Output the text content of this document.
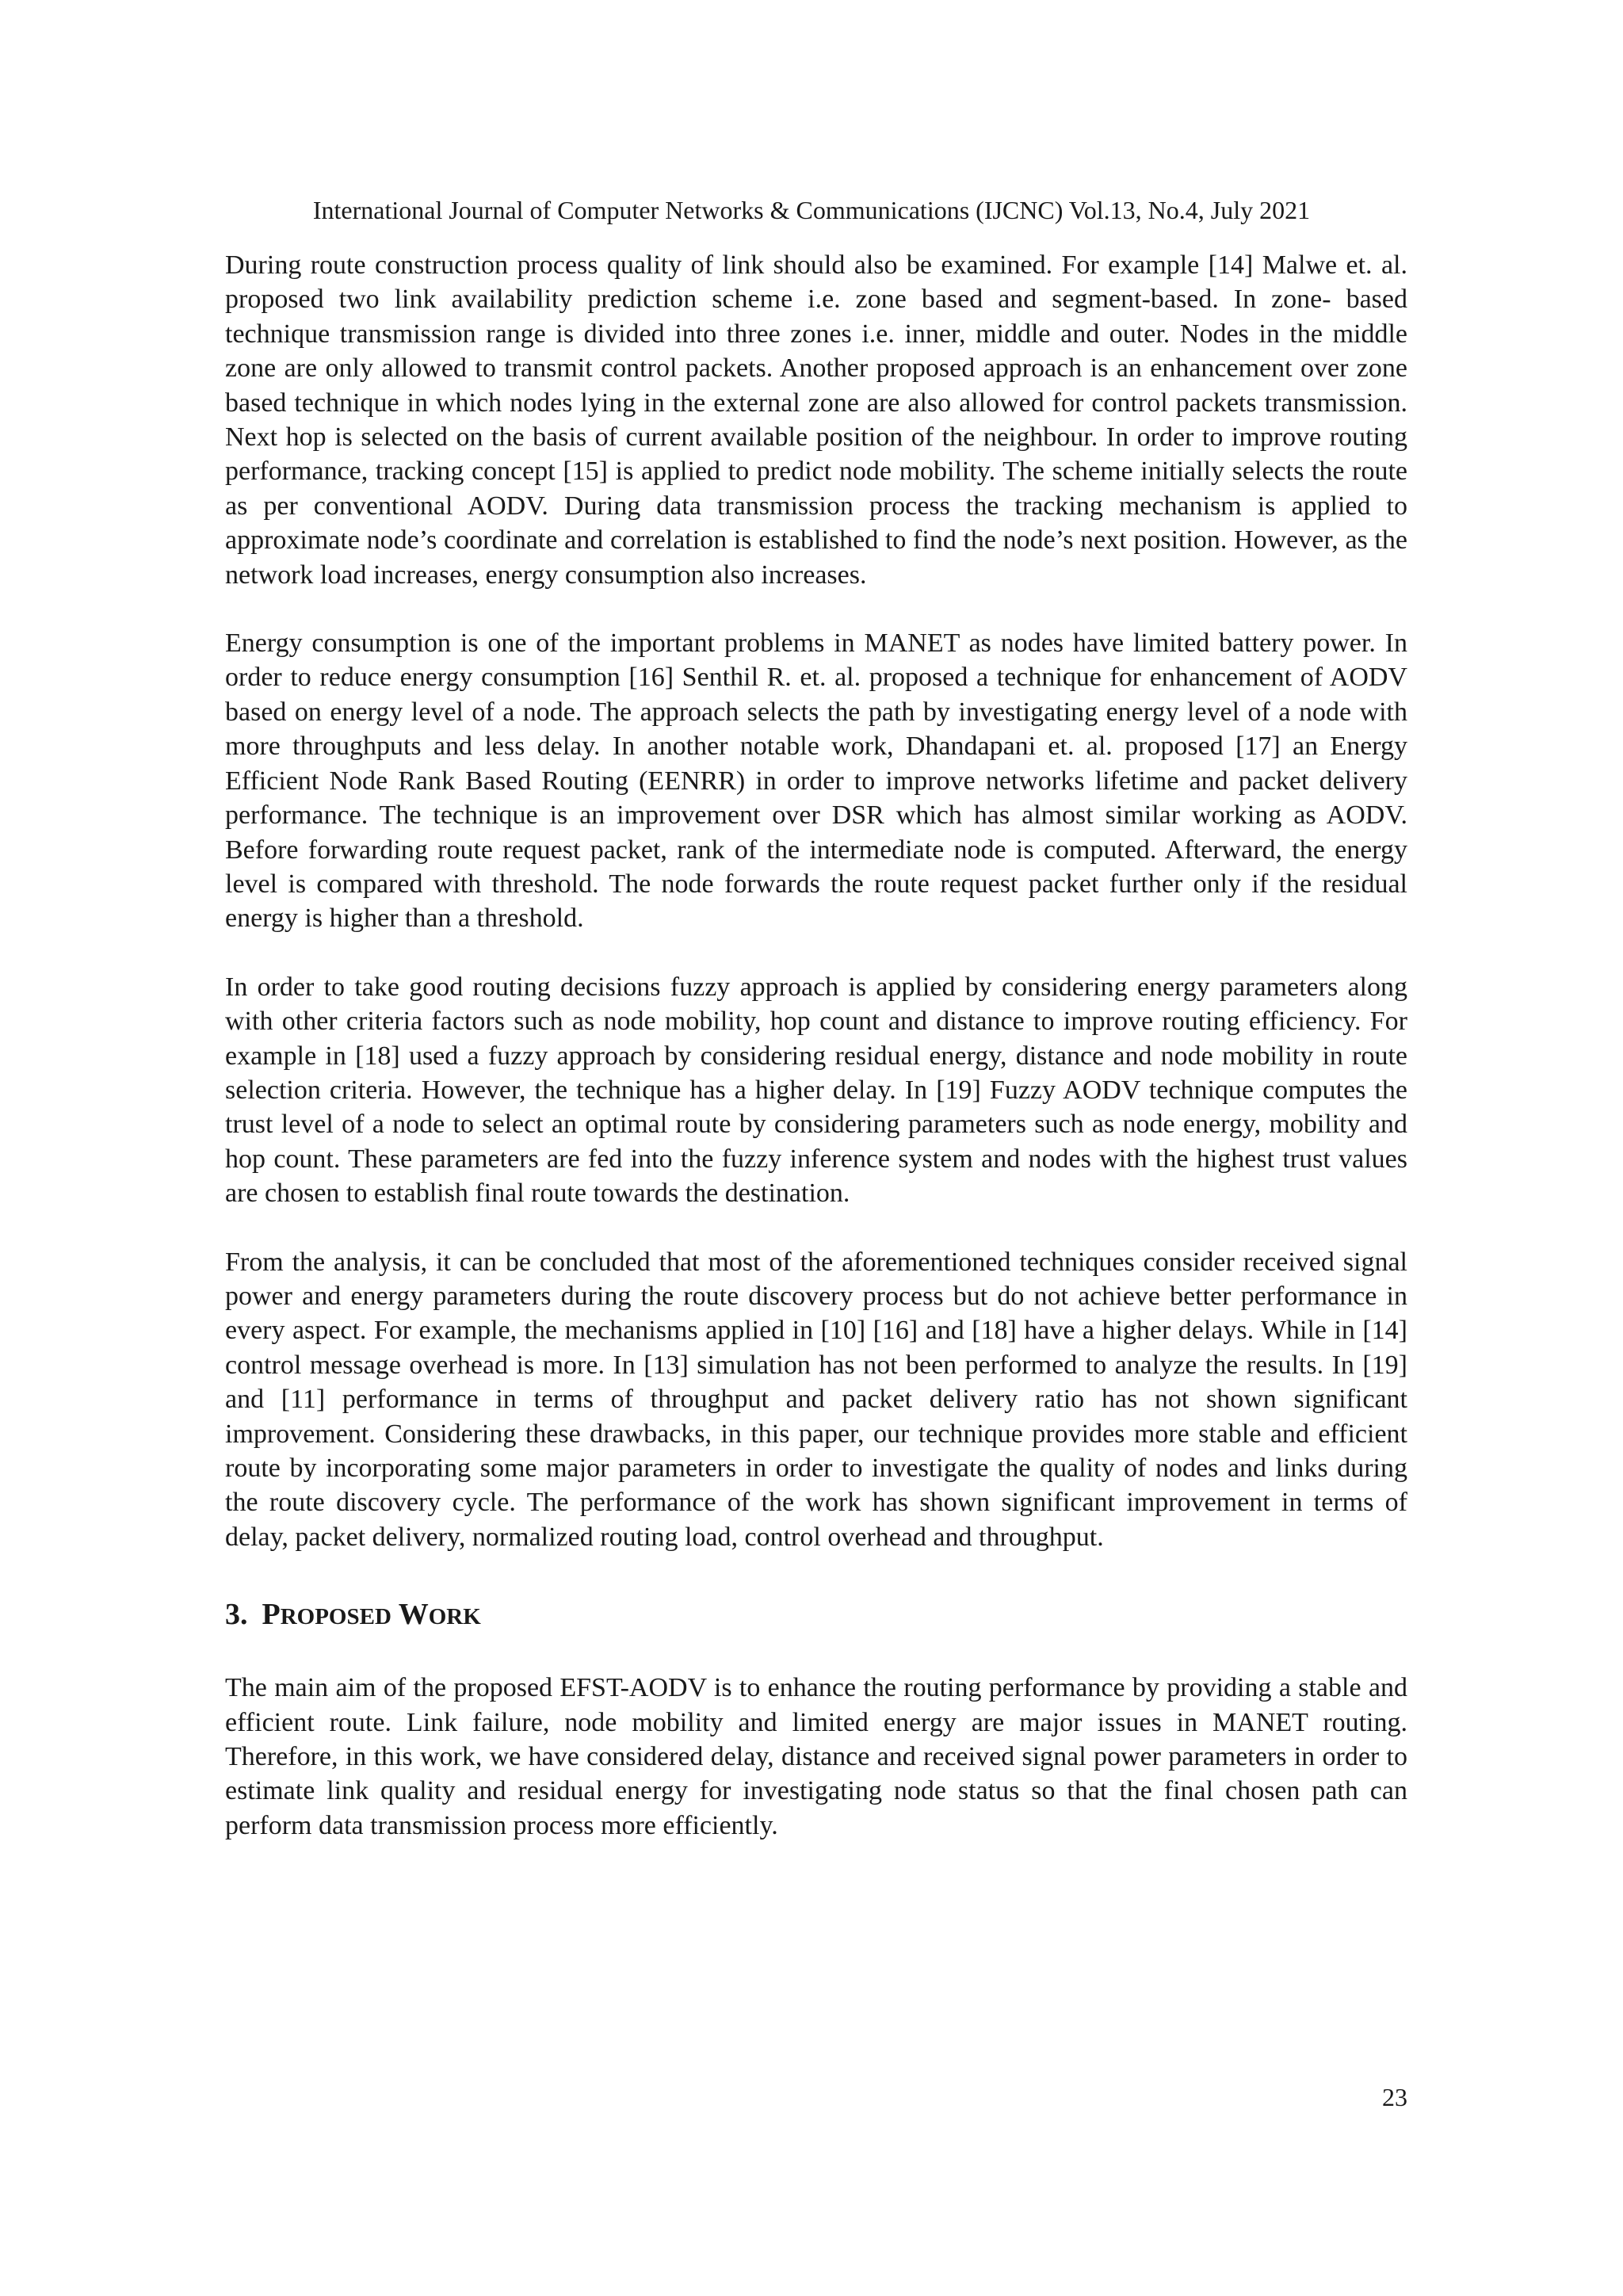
International Journal of Computer Networks & Communications (IJCNC) Vol.13, No.4, July 2021

During route construction process quality of link should also be examined. For example [14] Malwe et. al. proposed two link availability prediction scheme i.e. zone based and segment-based. In zone- based technique transmission range is divided into three zones i.e. inner, middle and outer. Nodes in the middle zone are only allowed to transmit control packets. Another proposed approach is an enhancement over zone based technique in which nodes lying in the external zone are also allowed for control packets transmission. Next hop is selected on the basis of current available position of the neighbour. In order to improve routing performance, tracking concept [15] is applied to predict node mobility. The scheme initially selects the route as per conventional AODV. During data transmission process the tracking mechanism is applied to approximate node’s coordinate and correlation is established to find the node’s next position. However, as the network load increases, energy consumption also increases.

Energy consumption is one of the important problems in MANET as nodes have limited battery power. In order to reduce energy consumption [16] Senthil R. et. al. proposed a technique for enhancement of AODV based on energy level of a node. The approach selects the path by investigating energy level of a node with more throughputs and less delay. In another notable work, Dhandapani et. al. proposed [17] an Energy Efficient Node Rank Based Routing (EENRR) in order to improve networks lifetime and packet delivery performance. The technique is an improvement over DSR which has almost similar working as AODV. Before forwarding route request packet, rank of the intermediate node is computed. Afterward, the energy level is compared with threshold. The node forwards the route request packet further only if the residual energy is higher than a threshold.

In order to take good routing decisions fuzzy approach is applied by considering energy parameters along with other criteria factors such as node mobility, hop count and distance to improve routing efficiency. For example in [18] used a fuzzy approach by considering residual energy, distance and node mobility in route selection criteria. However, the technique has a higher delay. In [19] Fuzzy AODV technique computes the trust level of a node to select an optimal route by considering parameters such as node energy, mobility and hop count. These parameters are fed into the fuzzy inference system and nodes with the highest trust values are chosen to establish final route towards the destination.

From the analysis, it can be concluded that most of the aforementioned techniques consider received signal power and energy parameters during the route discovery process but do not achieve better performance in every aspect. For example, the mechanisms applied in [10] [16] and [18] have a higher delays. While in [14] control message overhead is more. In [13] simulation has not been performed to analyze the results. In [19] and [11] performance in terms of throughput and packet delivery ratio has not shown significant improvement. Considering these drawbacks, in this paper, our technique provides more stable and efficient route by incorporating some major parameters in order to investigate the quality of nodes and links during the route discovery cycle. The performance of the work has shown significant improvement in terms of delay, packet delivery, normalized routing load, control overhead and throughput.

3. PROPOSED WORK

The main aim of the proposed EFST-AODV is to enhance the routing performance by providing a stable and efficient route. Link failure, node mobility and limited energy are major issues in MANET routing. Therefore, in this work, we have considered delay, distance and received signal power parameters in order to estimate link quality and residual energy for investigating node status so that the final chosen path can perform data transmission process more efficiently.

23
